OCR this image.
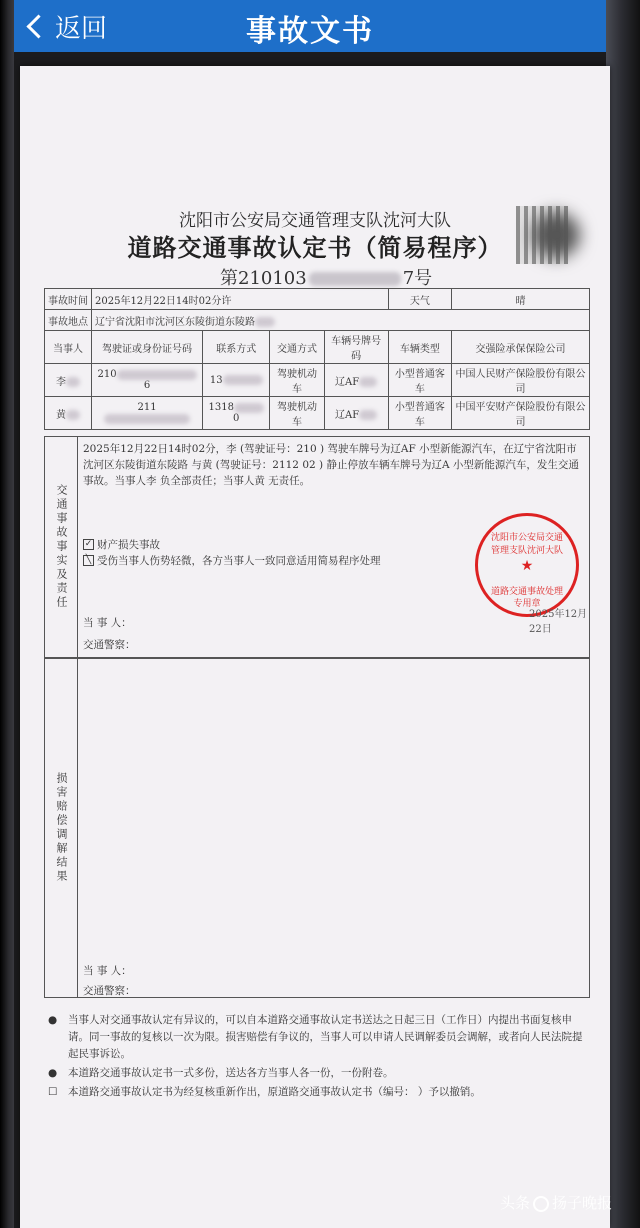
返回	事故文书
沈阳市公安局交通管理支队沈河大队
道路交通事故认定书（简易程序）
第210103	7号
事故时间	2025年12月22日14时02分许				天气	晴
事故地点	辽宁省沈阳市沈河区东陵街道东陵路					
当事人	驾驶证或身份证号码	联系方式	交通方式	车辆号牌号码	车辆类型	交强险承保保险公司
李	2106	13	驾驶机动车	辽AF	小型普通客车	中国人民财产保险股份有限公司
黄	211	13180	驾驶机动车	辽AF	小型普通客车	中国平安财产保险股份有限公司
交通事故事实及责任
2025年12月22日14时02分，李 (驾驶证号：210 ) 驾驶车牌号为辽AF 小型新能源汽车，在辽宁省沈阳市沈河区东陵街道东陵路 与黄 (驾驶证号：2112 02 ) 静止停放车辆车牌号为辽A 小型新能源汽车，发生交通事故。当事人李 负全部责任；当事人黄 无责任。
✓ 财产损失事故
╲ 受伤当事人伤势轻微，各方当事人一致同意适用简易程序处理
当 事 人：
交通警察：
沈阳市公安局交通管理支队沈河大队
★
道路交通事故处理
专用章
2025年12月22日
损害赔偿调解结果
当 事 人：
交通警察：
● 当事人对交通事故认定有异议的，可以自本道路交通事故认定书送达之日起三日（工作日）内提出书面复核申请。同一事故的复核以一次为限。损害赔偿有争议的，当事人可以申请人民调解委员会调解，或者向人民法院提起民事诉讼。
● 本道路交通事故认定书一式多份，送达各方当事人各一份，一份附卷。
☐ 本道路交通事故认定书为经复核重新作出，原道路交通事故认定书（编号： ）予以撤销。
头条 扬子晚报
